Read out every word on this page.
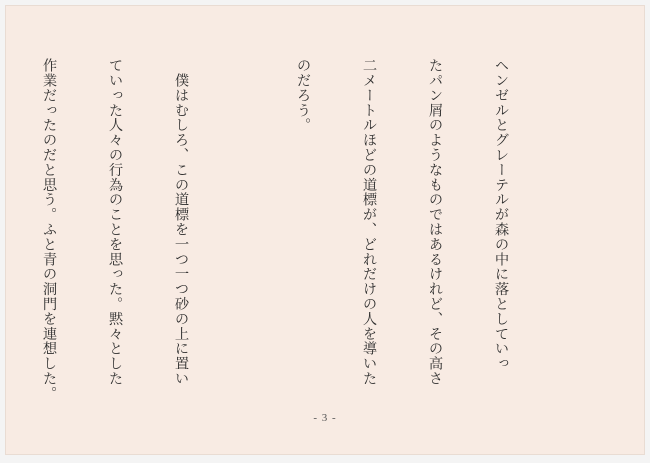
ヘンゼルとグレーテルが森の中に落としていっ

たパン屑のようなものではあるけれど、その高さ

二メートルほどの道標が、どれだけの人を導いた

のだろう。

　僕はむしろ、この道標を一つ一つ砂の上に置い

ていった人々の行為のことを思った。黙々とした

作業だったのだと思う。ふと青の洞門を連想した。

- 3 -
